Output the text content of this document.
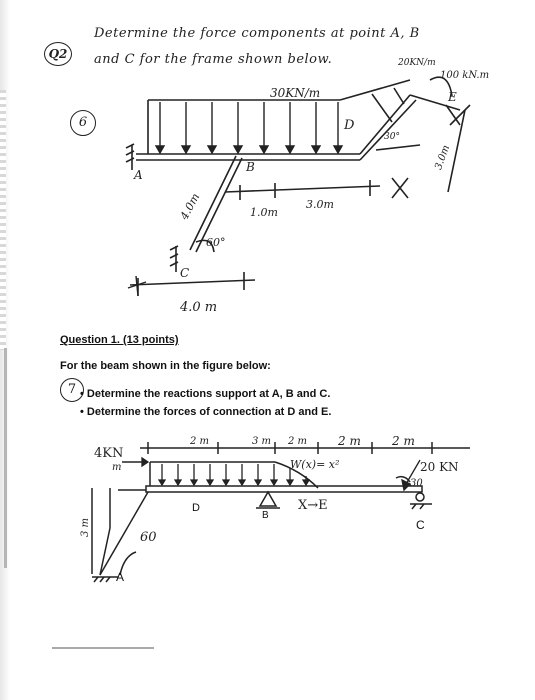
Q2
Determine the force components at point A, B
and C for the frame shown below.
6
30KN/m
20KN/m
100 kN.m
A
B
C
D
E
4.0m
60°
1.0m
3.0m
3.0m
30°
4.0 m
Question 1. (13 points)
For the beam shown in the figure below:
7 • Determine the reactions support at A, B and C.
• Determine the forces of connection at D and E.
4KN
m
2 m	3 m 2 m	2 m	2 m
W(x)= x²	20 KN
30
D
B
X→E
C
A
3 m
60
